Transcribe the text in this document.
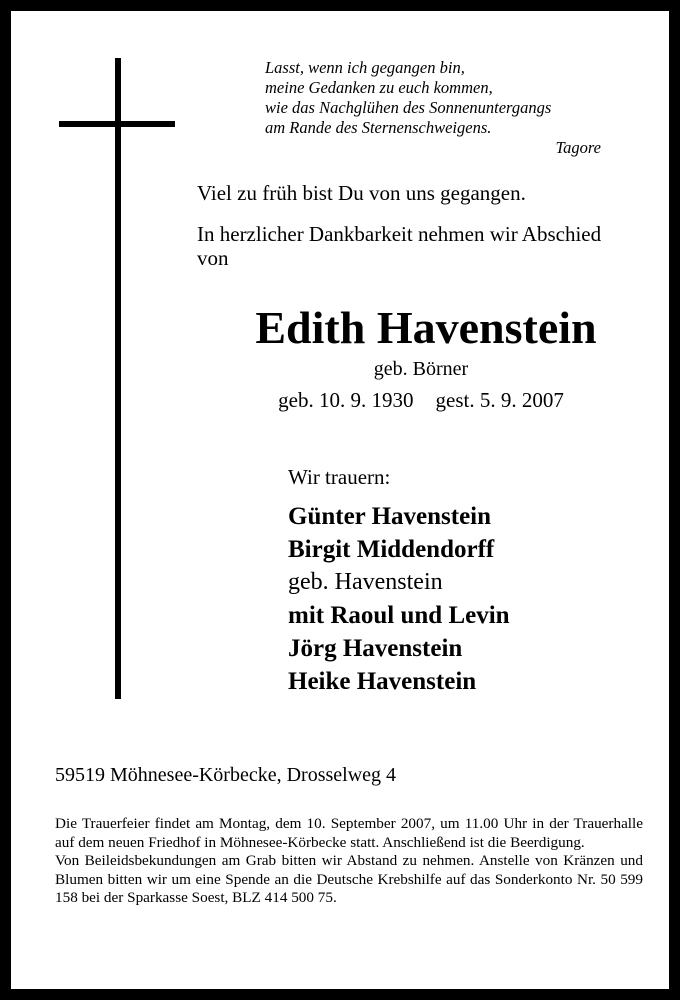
Lasst, wenn ich gegangen bin,
meine Gedanken zu euch kommen,
wie das Nachglühen des Sonnenuntergangs
am Rande des Sternenschweigens.
Tagore
Viel zu früh bist Du von uns gegangen.
In herzlicher Dankbarkeit nehmen wir Abschied von
Edith Havenstein
geb. Börner
geb. 10. 9. 1930 gest. 5. 9. 2007
Wir trauern:
Günter Havenstein
Birgit Middendorff
geb. Havenstein
mit Raoul und Levin
Jörg Havenstein
Heike Havenstein
59519 Möhnesee-Körbecke, Drosselweg 4
Die Trauerfeier findet am Montag, dem 10. September 2007, um 11.00 Uhr in der Trauerhalle auf dem neuen Friedhof in Möhnesee-Körbecke statt. Anschließend ist die Beerdigung.
Von Beileidsbekundungen am Grab bitten wir Abstand zu nehmen. Anstelle von Kränzen und Blumen bitten wir um eine Spende an die Deutsche Krebshilfe auf das Sonderkonto Nr. 50 599 158 bei der Sparkasse Soest, BLZ 414 500 75.
